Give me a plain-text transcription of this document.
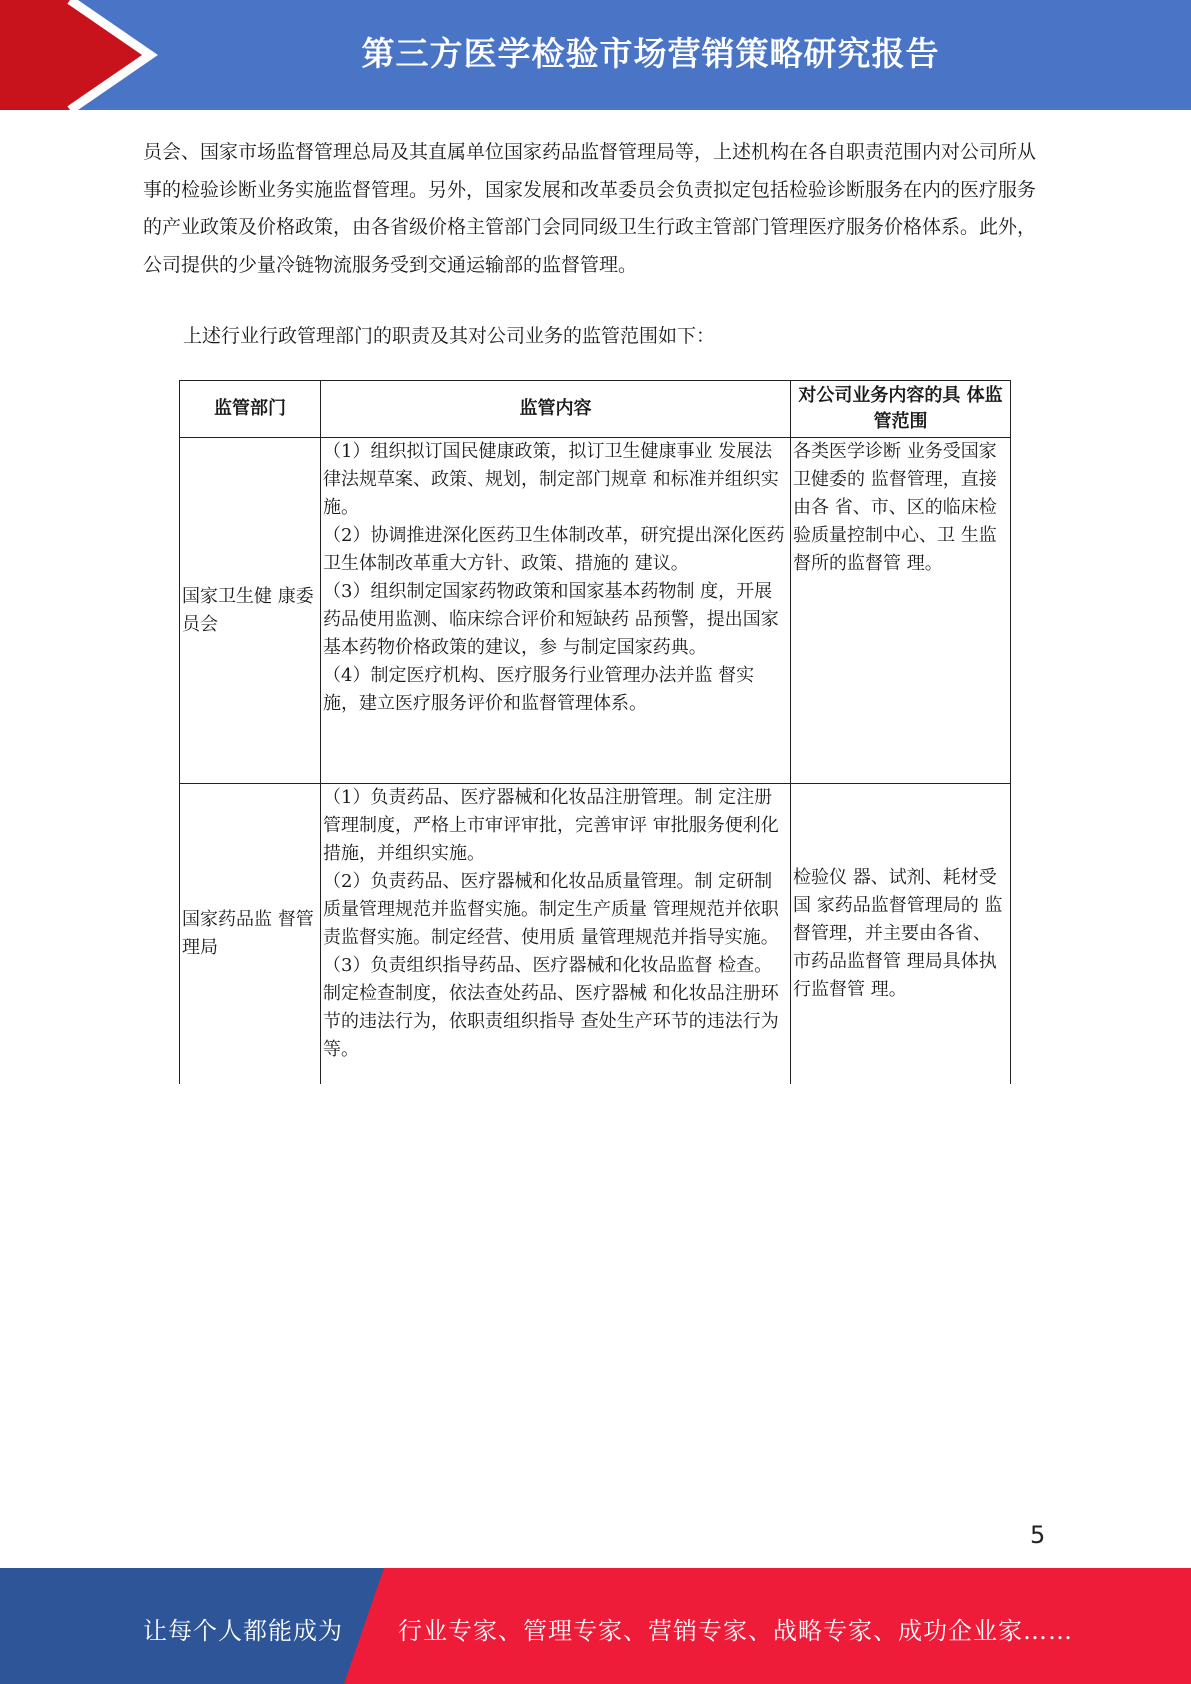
第三方医学检验市场营销策略研究报告

员会、国家市场监督管理总局及其直属单位国家药品监督管理局等，上述机构在各自职责范围内对公司所从事的检验诊断业务实施监督管理。另外，国家发展和改革委员会负责拟定包括检验诊断服务在内的医疗服务的产业政策及价格政策，由各省级价格主管部门会同同级卫生行政主管部门管理医疗服务价格体系。此外，公司提供的少量冷链物流服务受到交通运输部的监督管理。

上述行业行政管理部门的职责及其对公司业务的监管范围如下：

监管部门	监管内容	对公司业务内容的具 体监管范围
国家卫生健 康委员会	（1）组织拟订国民健康政策，拟订卫生健康事业 发展法律法规草案、政策、规划，制定部门规章 和标准并组织实施。
（2）协调推进深化医药卫生体制改革，研究提出深化医药卫生体制改革重大方针、政策、措施的 建议。
（3）组织制定国家药物政策和国家基本药物制 度，开展药品使用监测、临床综合评价和短缺药 品预警，提出国家基本药物价格政策的建议，参 与制定国家药典。
（4）制定医疗机构、医疗服务行业管理办法并监 督实施，建立医疗服务评价和监督管理体系。	各类医学诊断 业务受国家卫健委的 监督管理，直接由各 省、市、区的临床检验质量控制中心、卫 生监督所的监督管 理。
国家药品监 督管理局	（1）负责药品、医疗器械和化妆品注册管理。制 定注册管理制度，严格上市审评审批，完善审评 审批服务便利化措施，并组织实施。
（2）负责药品、医疗器械和化妆品质量管理。制 定研制质量管理规范并监督实施。制定生产质量 管理规范并依职责监督实施。制定经营、使用质 量管理规范并指导实施。
（3）负责组织指导药品、医疗器械和化妆品监督 检查。制定检查制度，依法查处药品、医疗器械 和化妆品注册环节的违法行为，依职责组织指导 查处生产环节的违法行为等。	检验仪 器、试剂、耗材受国 家药品监督管理局的 监督管理，并主要由各省、市药品监督管 理局具体执行监督管 理。
5
让每个人都能成为 行业专家、管理专家、营销专家、战略专家、成功企业家……
